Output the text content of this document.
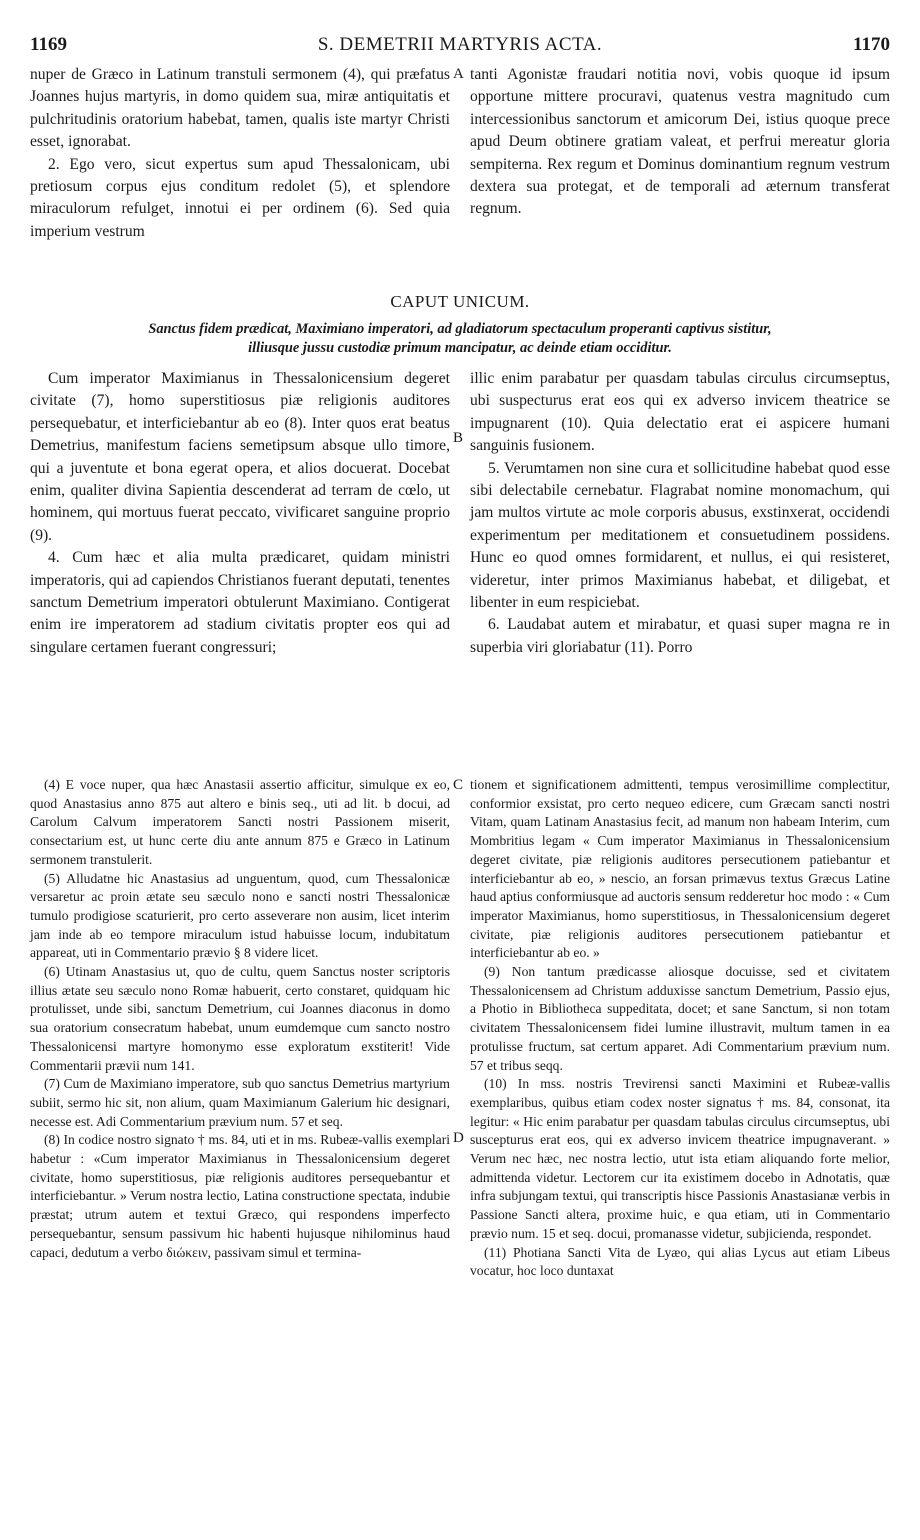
1169	S. DEMETRII MARTYRIS ACTA.	1170

nuper de Græco in Latinum transtuli sermonem (4), qui præfatus Joannes hujus martyris, in domo quidem sua, miræ antiquitatis et pulchritudinis oratorium habebat, tamen, qualis iste martyr Christi esset, ignorabat.

2. Ego vero, sicut expertus sum apud Thessalonicam, ubi pretiosum corpus ejus conditum redolet (5), et splendore miraculorum refulget, innotui ei per ordinem (6). Sed quia imperium vestrum

A tanti Agonistæ fraudari notitia novi, vobis quoque id ipsum opportune mittere procuravi, quatenus vestra magnitudo cum intercessionibus sanctorum et amicorum Dei, istius quoque prece apud Deum obtinere gratiam valeat, et perfrui mereatur gloria sempiterna. Rex regum et Dominus dominantium regnum vestrum dextera sua protegat, et de temporali ad æternum transferat regnum.

CAPUT UNICUM.
Sanctus fidem prædicat, Maximiano imperatori, ad gladiatorum spectaculum properanti captivus sistitur,
illiusque jussu custodiæ primum mancipatur, ac deinde etiam occiditur.

Cum imperator Maximianus in Thessalonicensium degeret civitate (7), homo superstitiosus piæ religionis auditores persequebatur, et interficiebantur ab eo (8). Inter quos erat beatus Demetrius, manifestum faciens semetipsum absque ullo timore, qui a juventute et bona egerat opera, et alios docuerat. Docebat enim, qualiter divina Sapientia descenderat ad terram de cœlo, ut hominem, qui mortuus fuerat peccato, vivificaret sanguine proprio (9).

4. Cum hæc et alia multa prædicaret, quidam ministri imperatoris, qui ad capiendos Christianos fuerant deputati, tenentes sanctum Demetrium imperatori obtulerunt Maximiano. Contigerat enim ire imperatorem ad stadium civitatis propter eos qui ad singulare certamen fuerant congressuri;

B

illic enim parabatur per quasdam tabulas circulus circumseptus, ubi suspecturus erat eos qui ex adverso invicem theatrice se impugnarent (10). Quia delectatio erat ei aspicere humani sanguinis fusionem.

5. Verumtamen non sine cura et sollicitudine habebat quod esse sibi delectabile cernebatur. Flagrabat nomine monomachum, qui jam multos virtute ac mole corporis abusus, exstinxerat, occidendi experimentum per meditationem et consuetudinem possidens. Hunc eo quod omnes formidarent, et nullus, ei qui resisteret, videretur, inter primos Maximianus habebat, et diligebat, et libenter in eum respiciebat.

6. Laudabat autem et mirabatur, et quasi super magna re in superbia viri gloriabatur (11). Porro

(4) E voce nuper, qua hæc Anastasii assertio afficitur, simulque ex eo, quod Anastasius anno 875 aut altero e binis seq., uti ad lit. b docui, ad Carolum Calvum imperatorem Sancti nostri Passionem miserit, consectarium est, ut hunc certe diu ante annum 875 e Græco in Latinum sermonem transtulerit.

(5) Alludatne hic Anastasius ad unguentum, quod, cum Thessalonicæ versaretur ac proin ætate seu sæculo nono e sancti nostri Thessalonicæ tumulo prodigiose scaturierit, pro certo asseverare non ausim, licet interim jam inde ab eo tempore miraculum istud habuisse locum, indubitatum appareat, uti in Commentario prævio § 8 videre licet.

(6) Utinam Anastasius ut, quo de cultu, quem Sanctus noster scriptoris illius ætate seu sæculo nono Romæ habuerit, certo constaret, quidquam hic protulisset, unde sibi, sanctum Demetrium, cui Joannes diaconus in domo sua oratorium consecratum habebat, unum eumdemque cum sancto nostro Thessalonicensi martyre homonymo esse exploratum exstiterit! Vide Commentarii prævii num 141.

(7) Cum de Maximiano imperatore, sub quo sanctus Demetrius martyrium subiit, sermo hic sit, non alium, quam Maximianum Galerium hic designari, necesse est. Adi Commentarium prævium num. 57 et seq.

(8) In codice nostro signato † ms. 84, uti et in ms. Rubeæ-vallis exemplari habetur : «Cum imperator Maximianus in Thessalonicensium degeret civitate, homo superstitiosus, piæ religionis auditores persequebantur et interficiebantur. » Verum nostra lectio, Latina constructione spectata, indubie præstat; utrum autem et textui Græco, qui respondens imperfecto persequebantur, sensum passivum hic habenti hujusque nihilominus haud capaci, dedutum a verbo διώκειν, passivam simul et termina-

C
D

tionem et significationem admittenti, tempus verosimillime complectitur, conformior exsistat, pro certo nequeo edicere, cum Græcam sancti nostri Vitam, quam Latinam Anastasius fecit, ad manum non habeam Interim, cum Mombritius legam « Cum imperator Maximianus in Thessalonicensium degeret civitate, piæ religionis auditores persecutionem patiebantur et interficiebantur ab eo, » nescio, an forsan primævus textus Græcus Latine haud aptius conformiusque ad auctoris sensum redderetur hoc modo : « Cum imperator Maximianus, homo superstitiosus, in Thessalonicensium degeret civitate, piæ religionis auditores persecutionem patiebantur et interficiebantur ab eo. »

(9) Non tantum prædicasse aliosque docuisse, sed et civitatem Thessalonicensem ad Christum adduxisse sanctum Demetrium, Passio ejus, a Photio in Bibliotheca suppeditata, docet; et sane Sanctum, si non totam civitatem Thessalonicensem fidei lumine illustravit, multum tamen in ea protulisse fructum, sat certum apparet. Adi Commentarium prævium num. 57 et tribus seqq.

(10) In mss. nostris Trevirensi sancti Maximini et Rubeæ-vallis exemplaribus, quibus etiam codex noster signatus † ms. 84, consonat, ita legitur: « Hic enim parabatur per quasdam tabulas circulus circumseptus, ubi suscepturus erat eos, qui ex adverso invicem theatrice impugnaverant. » Verum nec hæc, nec nostra lectio, utut ista etiam aliquando forte melior, admittenda videtur. Lectorem cur ita existimem docebo in Adnotatis, quæ infra subjungam textui, qui transcriptis hisce Passionis Anastasianæ verbis in Passione Sancti altera, proxime huic, e qua etiam, uti in Commentario prævio num. 15 et seq. docui, promanasse videtur, subjicienda, respondet.

(11) Photiana Sancti Vita de Lyæo, qui alias Lycus aut etiam Libeus vocatur, hoc loco duntaxat
